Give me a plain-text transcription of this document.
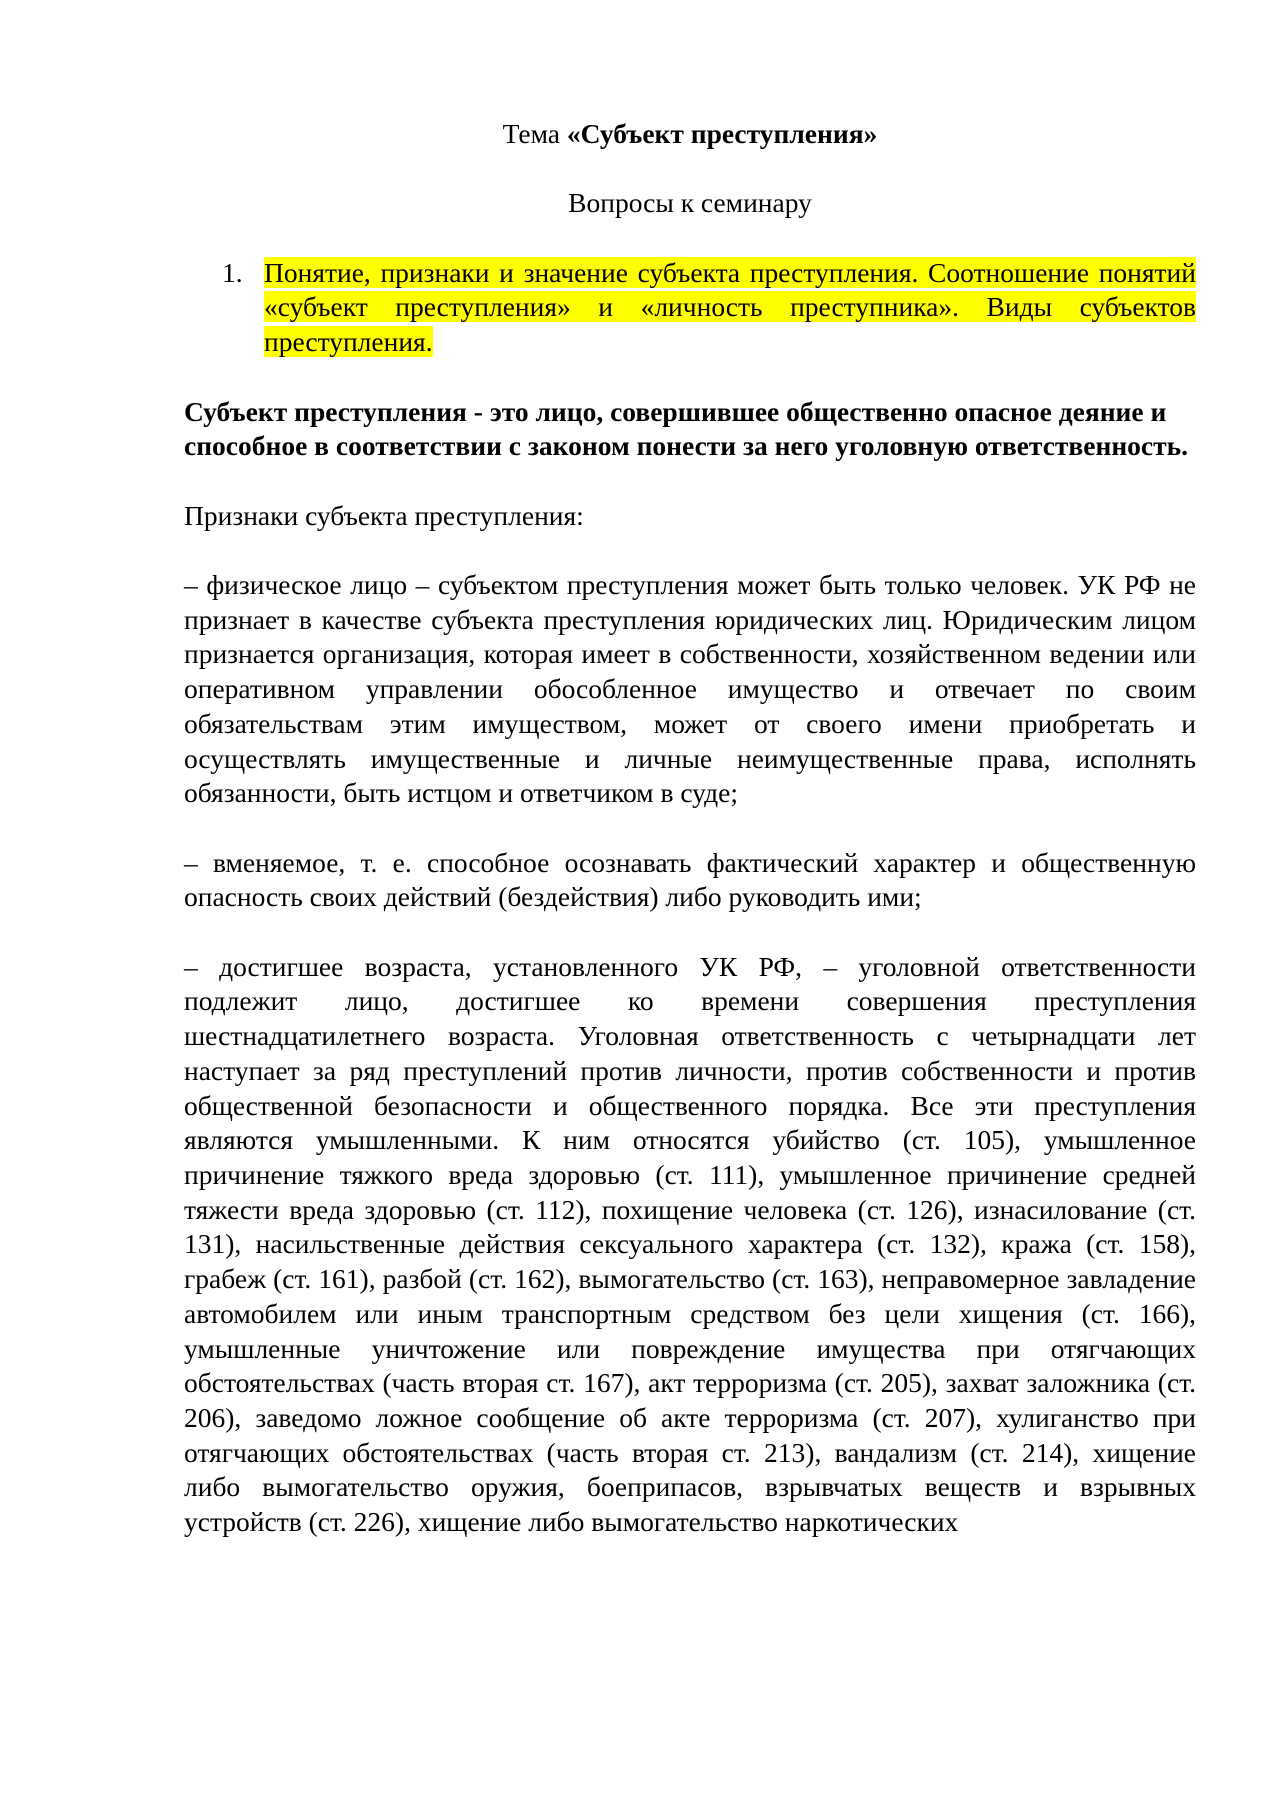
Тема «Субъект преступления»

Вопросы к семинару

1. Понятие, признаки и значение субъекта преступления. Соотношение понятий «субъект преступления» и «личность преступника». Виды субъектов преступления.

Субъект преступления - это лицо, совершившее общественно опасное деяние и способное в соответствии с законом понести за него уголовную ответственность.

Признаки субъекта преступления:

– физическое лицо – субъектом преступления может быть только человек. УК РФ не признает в качестве субъекта преступления юридических лиц. Юридическим лицом признается организация, которая имеет в собственности, хозяйственном ведении или оперативном управлении обособленное имущество и отвечает по своим обязательствам этим имуществом, может от своего имени приобретать и осуществлять имущественные и личные неимущественные права, исполнять обязанности, быть истцом и ответчиком в суде;

– вменяемое, т. е. способное осознавать фактический характер и общественную опасность своих действий (бездействия) либо руководить ими;

– достигшее возраста, установленного УК РФ, – уголовной ответственности подлежит лицо, достигшее ко времени совершения преступления шестнадцатилетнего возраста. Уголовная ответственность с четырнадцати лет наступает за ряд преступлений против личности, против собственности и против общественной безопасности и общественного порядка. Все эти преступления являются умышленными. К ним относятся убийство (ст. 105), умышленное причинение тяжкого вреда здоровью (ст. 111), умышленное причинение средней тяжести вреда здоровью (ст. 112), похищение человека (ст. 126), изнасилование (ст. 131), насильственные действия сексуального характера (ст. 132), кража (ст. 158), грабеж (ст. 161), разбой (ст. 162), вымогательство (ст. 163), неправомерное завладение автомобилем или иным транспортным средством без цели хищения (ст. 166), умышленные уничтожение или повреждение имущества при отягчающих обстоятельствах (часть вторая ст. 167), акт терроризма (ст. 205), захват заложника (ст. 206), заведомо ложное сообщение об акте терроризма (ст. 207), хулиганство при отягчающих обстоятельствах (часть вторая ст. 213), вандализм (ст. 214), хищение либо вымогательство оружия, боеприпасов, взрывчатых веществ и взрывных устройств (ст. 226), хищение либо вымогательство наркотических
